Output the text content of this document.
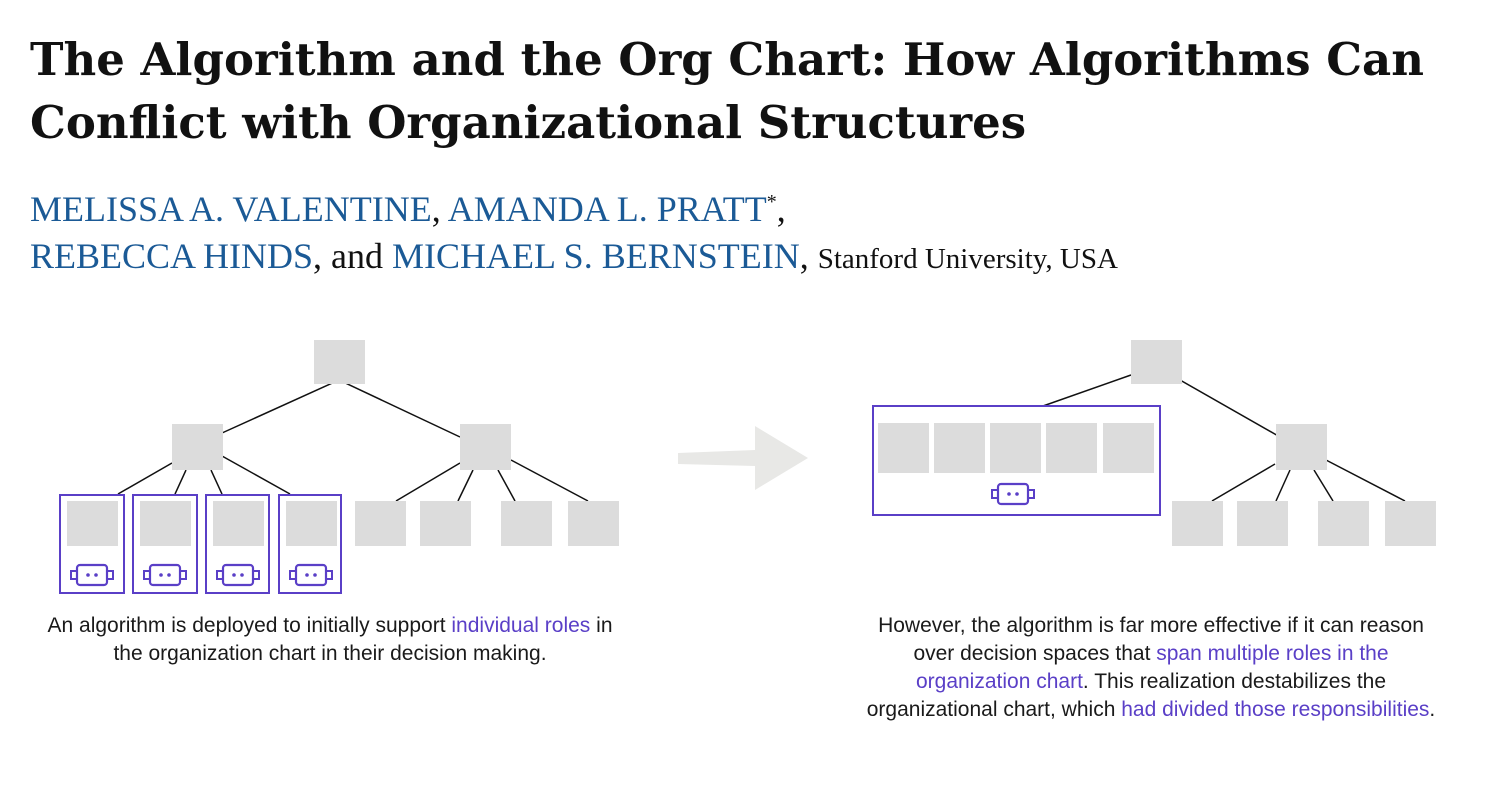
The Algorithm and the Org Chart: How Algorithms Can Conflict with Organizational Structures
MELISSA A. VALENTINE, AMANDA L. PRATT*,
REBECCA HINDS, and MICHAEL S. BERNSTEIN, Stanford University, USA
An algorithm is deployed to initially support individual roles in the organization chart in their decision making.
However, the algorithm is far more effective if it can reason over decision spaces that span multiple roles in the organization chart. This realization destabilizes the organizational chart, which had divided those responsibilities.
